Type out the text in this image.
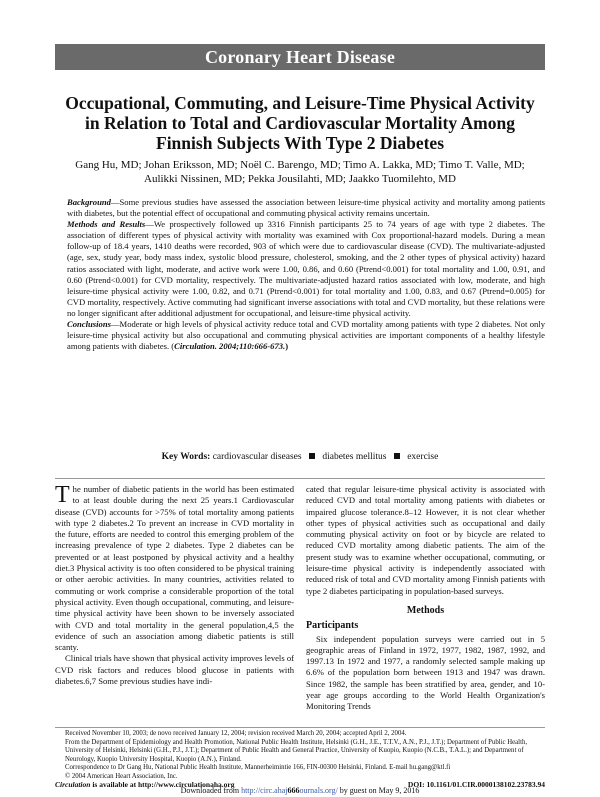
Coronary Heart Disease
Occupational, Commuting, and Leisure-Time Physical Activity in Relation to Total and Cardiovascular Mortality Among Finnish Subjects With Type 2 Diabetes
Gang Hu, MD; Johan Eriksson, MD; Noël C. Barengo, MD; Timo A. Lakka, MD; Timo T. Valle, MD; Aulikki Nissinen, MD; Pekka Jousilahti, MD; Jaakko Tuomilehto, MD

Background—Some previous studies have assessed the association between leisure-time physical activity and mortality among patients with diabetes, but the potential effect of occupational and commuting physical activity remains uncertain.

Methods and Results—We prospectively followed up 3316 Finnish participants 25 to 74 years of age with type 2 diabetes. The association of different types of physical activity with mortality was examined with Cox proportional-hazard models. During a mean follow-up of 18.4 years, 1410 deaths were recorded, 903 of which were due to cardiovascular disease (CVD). The multivariate-adjusted (age, sex, study year, body mass index, systolic blood pressure, cholesterol, smoking, and the 2 other types of physical activity) hazard ratios associated with light, moderate, and active work were 1.00, 0.86, and 0.60 (Ptrend<0.001) for total mortality and 1.00, 0.91, and 0.60 (Ptrend<0.001) for CVD mortality, respectively. The multivariate-adjusted hazard ratios associated with low, moderate, and high leisure-time physical activity were 1.00, 0.82, and 0.71 (Ptrend<0.001) for total mortality and 1.00, 0.83, and 0.67 (Ptrend=0.005) for CVD mortality, respectively. Active commuting had significant inverse associations with total and CVD mortality, but these relations were no longer significant after additional adjustment for occupational, and leisure-time physical activity.

Conclusions—Moderate or high levels of physical activity reduce total and CVD mortality among patients with type 2 diabetes. Not only leisure-time physical activity but also occupational and commuting physical activities are important components of a healthy lifestyle among patients with diabetes. (Circulation. 2004;110:666-673.)

Key Words: cardiovascular diseases diabetes mellitus exercise

The number of diabetic patients in the world has been estimated to at least double during the next 25 years.1 Cardiovascular disease (CVD) accounts for >75% of total mortality among patients with type 2 diabetes.2 To prevent an increase in CVD mortality in the future, efforts are needed to control this emerging problem of the increasing prevalence of type 2 diabetes. Type 2 diabetes can be prevented or at least postponed by physical activity and a healthy diet.3 Physical activity is too often considered to be physical training or other aerobic activities. In many countries, activities related to commuting or work comprise a considerable proportion of the total physical activity. Even though occupational, commuting, and leisure-time physical activity have been shown to be inversely associated with CVD and total mortality in the general population,4,5 the evidence of such an association among diabetic patients is still scanty.

Clinical trials have shown that physical activity improves levels of CVD risk factors and reduces blood glucose in patients with diabetes.6,7 Some previous studies have indi-

cated that regular leisure-time physical activity is associated with reduced CVD and total mortality among patients with diabetes or impaired glucose tolerance.8–12 However, it is not clear whether other types of physical activities such as occupational and daily commuting physical activity on foot or by bicycle are related to reduced CVD mortality among diabetic patients. The aim of the present study was to examine whether occupational, commuting, or leisure-time physical activity is independently associated with reduced risk of total and CVD mortality among Finnish patients with type 2 diabetes participating in population-based surveys.

Methods
Participants

Six independent population surveys were carried out in 5 geographic areas of Finland in 1972, 1977, 1982, 1987, 1992, and 1997.13 In 1972 and 1977, a randomly selected sample making up 6.6% of the population born between 1913 and 1947 was drawn. Since 1982, the sample has been stratified by area, gender, and 10-year age groups according to the World Health Organization's Monitoring Trends

Received November 10, 2003; de novo received January 12, 2004; revision received March 20, 2004; accepted April 2, 2004.

From the Department of Epidemiology and Health Promotion, National Public Health Institute, Helsinki (G.H., J.E., T.T.V., A.N., P.J., J.T.); Department of Public Health, University of Helsinki, Helsinki (G.H., P.J., J.T.); Department of Public Health and General Practice, University of Kuopio, Kuopio (N.C.B., T.A.L.); and Department of Neurology, Kuopio University Hospital, Kuopio (A.N.), Finland.

Correspondence to Dr Gang Hu, National Public Health Institute, Mannerheimintie 166, FIN-00300 Helsinki, Finland. E-mail hu.gang@ktl.fi

© 2004 American Heart Association, Inc.

Circulation is available at http://www.circulationaha.org	DOI: 10.1161/01.CIR.0000138102.23783.94
Downloaded from http://circ.ahaj666ournals.org/ by guest on May 9, 2016
